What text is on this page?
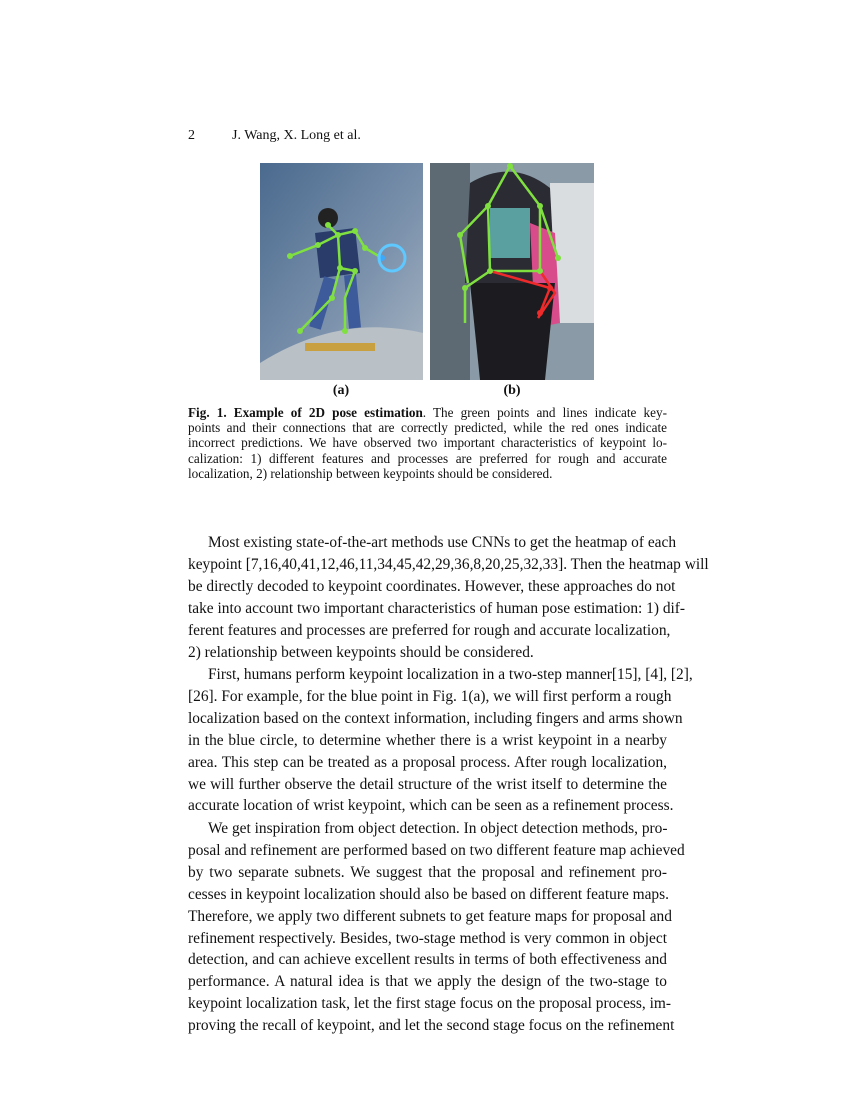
2	J. Wang, X. Long et al.
(a)	(b)
Fig. 1. Example of 2D pose estimation. The green points and lines indicate key-
points and their connections that are correctly predicted, while the red ones indicate
incorrect predictions. We have observed two important characteristics of keypoint lo-
calization: 1) different features and processes are preferred for rough and accurate
localization, 2) relationship between keypoints should be considered.
Most existing state-of-the-art methods use CNNs to get the heatmap of each
keypoint [7,16,40,41,12,46,11,34,45,42,29,36,8,20,25,32,33]. Then the heatmap will
be directly decoded to keypoint coordinates. However, these approaches do not
take into account two important characteristics of human pose estimation: 1) dif-
ferent features and processes are preferred for rough and accurate localization,
2) relationship between keypoints should be considered.
First, humans perform keypoint localization in a two-step manner[15], [4], [2],
[26]. For example, for the blue point in Fig. 1(a), we will first perform a rough
localization based on the context information, including fingers and arms shown
in the blue circle, to determine whether there is a wrist keypoint in a nearby
area. This step can be treated as a proposal process. After rough localization,
we will further observe the detail structure of the wrist itself to determine the
accurate location of wrist keypoint, which can be seen as a refinement process.
We get inspiration from object detection. In object detection methods, pro-
posal and refinement are performed based on two different feature map achieved
by two separate subnets. We suggest that the proposal and refinement pro-
cesses in keypoint localization should also be based on different feature maps.
Therefore, we apply two different subnets to get feature maps for proposal and
refinement respectively. Besides, two-stage method is very common in object
detection, and can achieve excellent results in terms of both effectiveness and
performance. A natural idea is that we apply the design of the two-stage to
keypoint localization task, let the first stage focus on the proposal process, im-
proving the recall of keypoint, and let the second stage focus on the refinement
